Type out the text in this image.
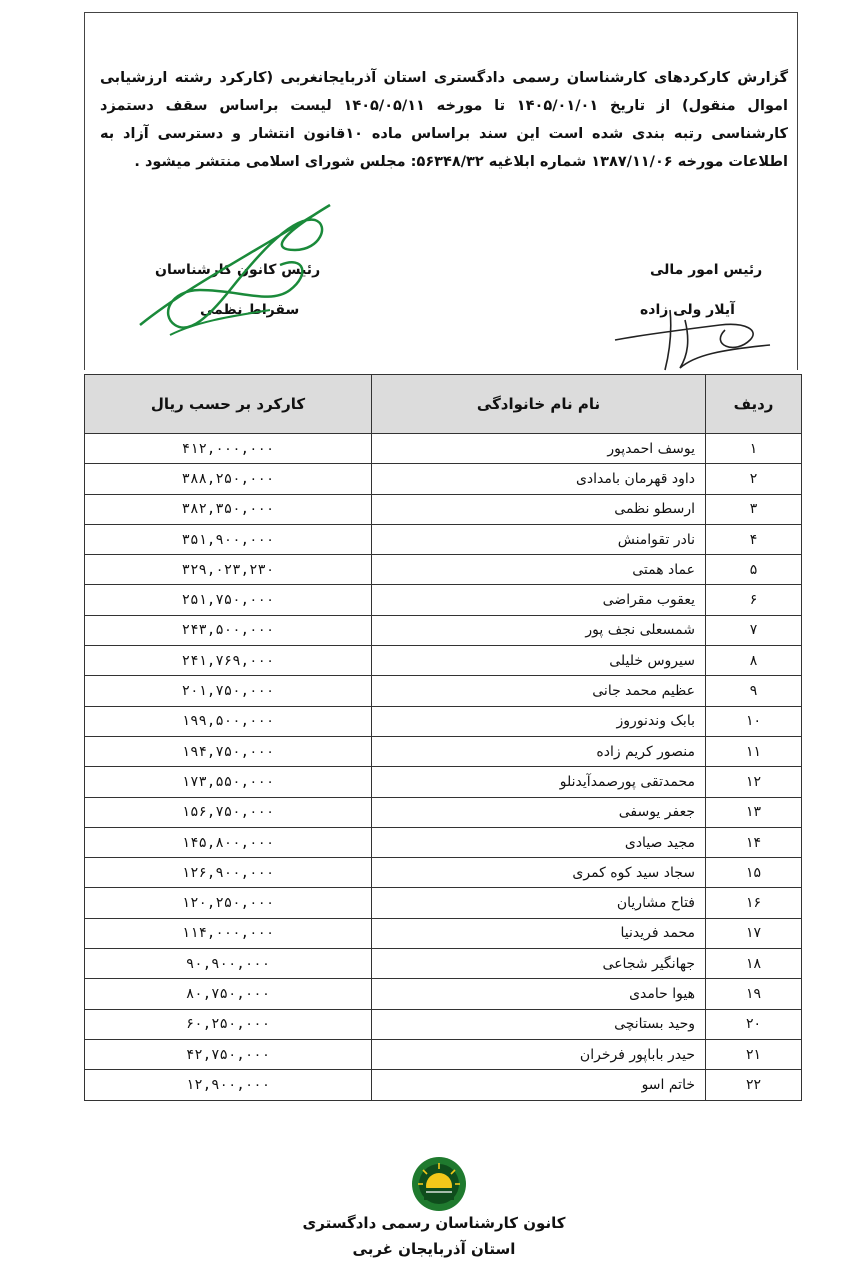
گزارش کارکردهای کارشناسان رسمی دادگستری استان آذربایجانغربی (کارکرد رشته ارزشیابی اموال منقول) از تاریخ ۱۴۰۵/۰۱/۰۱ تا مورخه ۱۴۰۵/۰۵/۱۱ لیست براساس سقف دستمزد کارشناسی رتبه بندی شده است این سند براساس ماده ۱۰قانون انتشار و دسترسی آزاد به اطلاعات مورخه ۱۳۸۷/۱۱/۰۶ شماره ابلاغیه ۵۶۳۴۸/۳۲: مجلس شورای اسلامی منتشر میشود .
رئیس کانون کارشناسان
سقراط نظمی
رئیس امور مالی
آیلار ولی زاده
ردیف	نام نام خانوادگی	کارکرد بر حسب ریال
۱	یوسف احمدپور	۴۱۲,۰۰۰,۰۰۰
۲	داود قهرمان بامدادی	۳۸۸,۲۵۰,۰۰۰
۳	ارسطو نظمی	۳۸۲,۳۵۰,۰۰۰
۴	نادر تقوامنش	۳۵۱,۹۰۰,۰۰۰
۵	عماد همتی	۳۲۹,۰۲۳,۲۳۰
۶	یعقوب مقراضی	۲۵۱,۷۵۰,۰۰۰
۷	شمسعلی نجف پور	۲۴۳,۵۰۰,۰۰۰
۸	سیروس خلیلی	۲۴۱,۷۶۹,۰۰۰
۹	عظیم محمد جانی	۲۰۱,۷۵۰,۰۰۰
۱۰	بابک وندنوروز	۱۹۹,۵۰۰,۰۰۰
۱۱	منصور کریم زاده	۱۹۴,۷۵۰,۰۰۰
۱۲	محمدتقی پورصمدآیدنلو	۱۷۳,۵۵۰,۰۰۰
۱۳	جعفر یوسفی	۱۵۶,۷۵۰,۰۰۰
۱۴	مجید صیادی	۱۴۵,۸۰۰,۰۰۰
۱۵	سجاد سید کوه کمری	۱۲۶,۹۰۰,۰۰۰
۱۶	فتاح مشاریان	۱۲۰,۲۵۰,۰۰۰
۱۷	محمد فریدنیا	۱۱۴,۰۰۰,۰۰۰
۱۸	جهانگیر شجاعی	۹۰,۹۰۰,۰۰۰
۱۹	هیوا حامدی	۸۰,۷۵۰,۰۰۰
۲۰	وحید بستانچی	۶۰,۲۵۰,۰۰۰
۲۱	حیدر باباپور فرخران	۴۲,۷۵۰,۰۰۰
۲۲	خاتم اسو	۱۲,۹۰۰,۰۰۰
کانون کارشناسان رسمی دادگستری
استان آذربایجان غربی
